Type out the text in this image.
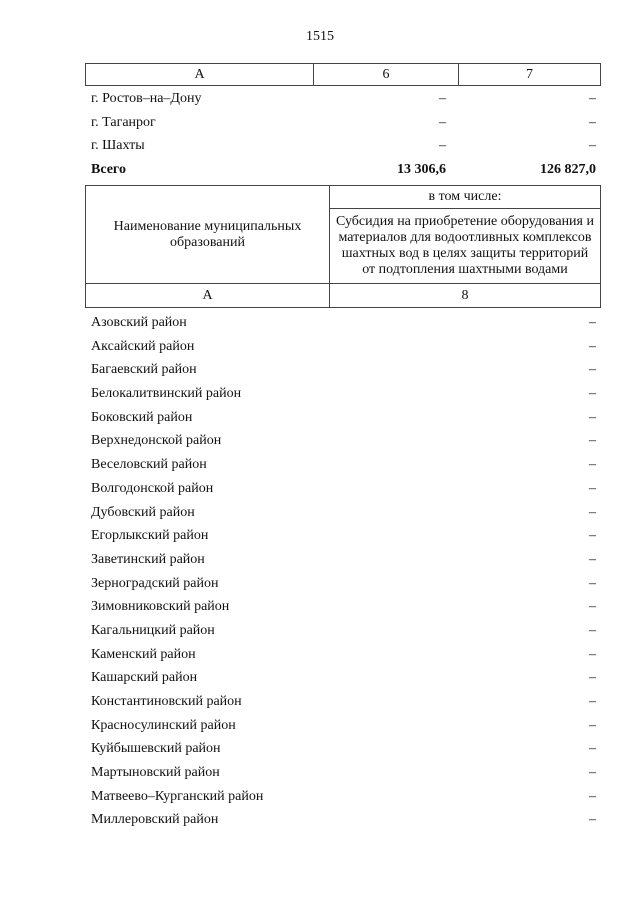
1515
А	6	7
г. Ростов–на–Дону	–	–
г. Таганрог	–	–
г. Шахты	–	–
Всего	13 306,6	126 827,0
Наименование муниципальных образований	в том числе:
	Субсидия на приобретение оборудования и материалов для водоотливных комплексов шахтных вод в целях защиты территорий от подтопления шахтными водами
А	8
Азовский район	–
Аксайский район	–
Багаевский район	–
Белокалитвинский район	–
Боковский район	–
Верхнедонской район	–
Веселовский район	–
Волгодонской район	–
Дубовский район	–
Егорлыкский район	–
Заветинский район	–
Зерноградский район	–
Зимовниковский район	–
Кагальницкий район	–
Каменский район	–
Кашарский район	–
Константиновский район	–
Красносулинский район	–
Куйбышевский район	–
Мартыновский район	–
Матвеево–Курганский район	–
Миллеровский район	–
